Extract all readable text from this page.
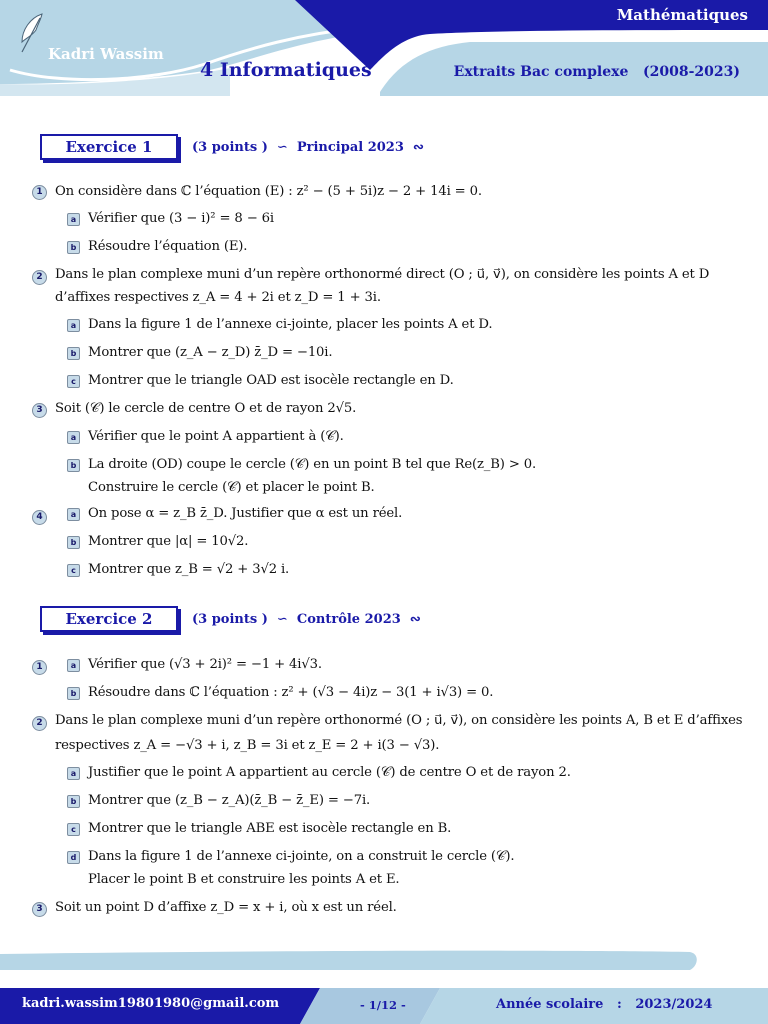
Kadri Wassim
Mathématiques
4 Informatiques	Extraits Bac complexe   (2008-2023)
Exercice 1	(3 points )  ∽  Principal 2023  ∾
1 On considère dans ℂ l’équation (E) : z² − (5 + 5i)z − 2 + 14i = 0.
a Vérifier que (3 − i)² = 8 − 6i
b Résoudre l’équation (E).
2 Dans le plan complexe muni d’un repère orthonormé direct (O ; u⃗, v⃗), on considère les points A et D
d’affixes respectives z_A = 4 + 2i et z_D = 1 + 3i.
a Dans la figure 1 de l’annexe ci-jointe, placer les points A et D.
b Montrer que (z_A − z_D) z̄_D = −10i.
c Montrer que le triangle OAD est isocèle rectangle en D.
3 Soit (𝒞) le cercle de centre O et de rayon 2√5.
a Vérifier que le point A appartient à (𝒞).
b La droite (OD) coupe le cercle (𝒞) en un point B tel que Re(z_B) > 0.
Construire le cercle (𝒞) et placer le point B.
4	a On pose α = z_B z̄_D. Justifier que α est un réel.
b Montrer que |α| = 10√2.
c Montrer que z_B = √2 + 3√2 i.
Exercice 2	(3 points )  ∽  Contrôle 2023  ∾
1	a Vérifier que (√3 + 2i)² = −1 + 4i√3.
b Résoudre dans ℂ l’équation : z² + (√3 − 4i)z − 3(1 + i√3) = 0.
2 Dans le plan complexe muni d’un repère orthonormé (O ; u⃗, v⃗), on considère les points A, B et E d’affixes
respectives z_A = −√3 + i, z_B = 3i et z_E = 2 + i(3 − √3).
a Justifier que le point A appartient au cercle (𝒞) de centre O et de rayon 2.
b Montrer que (z_B − z_A)(z̄_B − z̄_E) = −7i.
c Montrer que le triangle ABE est isocèle rectangle en B.
d Dans la figure 1 de l’annexe ci-jointe, on a construit le cercle (𝒞).
Placer le point B et construire les points A et E.
3 Soit un point D d’affixe z_D = x + i, où x est un réel.
kadri.wassim19801980@gmail.com	- 1/12 -	Année scolaire   :   2023/2024
